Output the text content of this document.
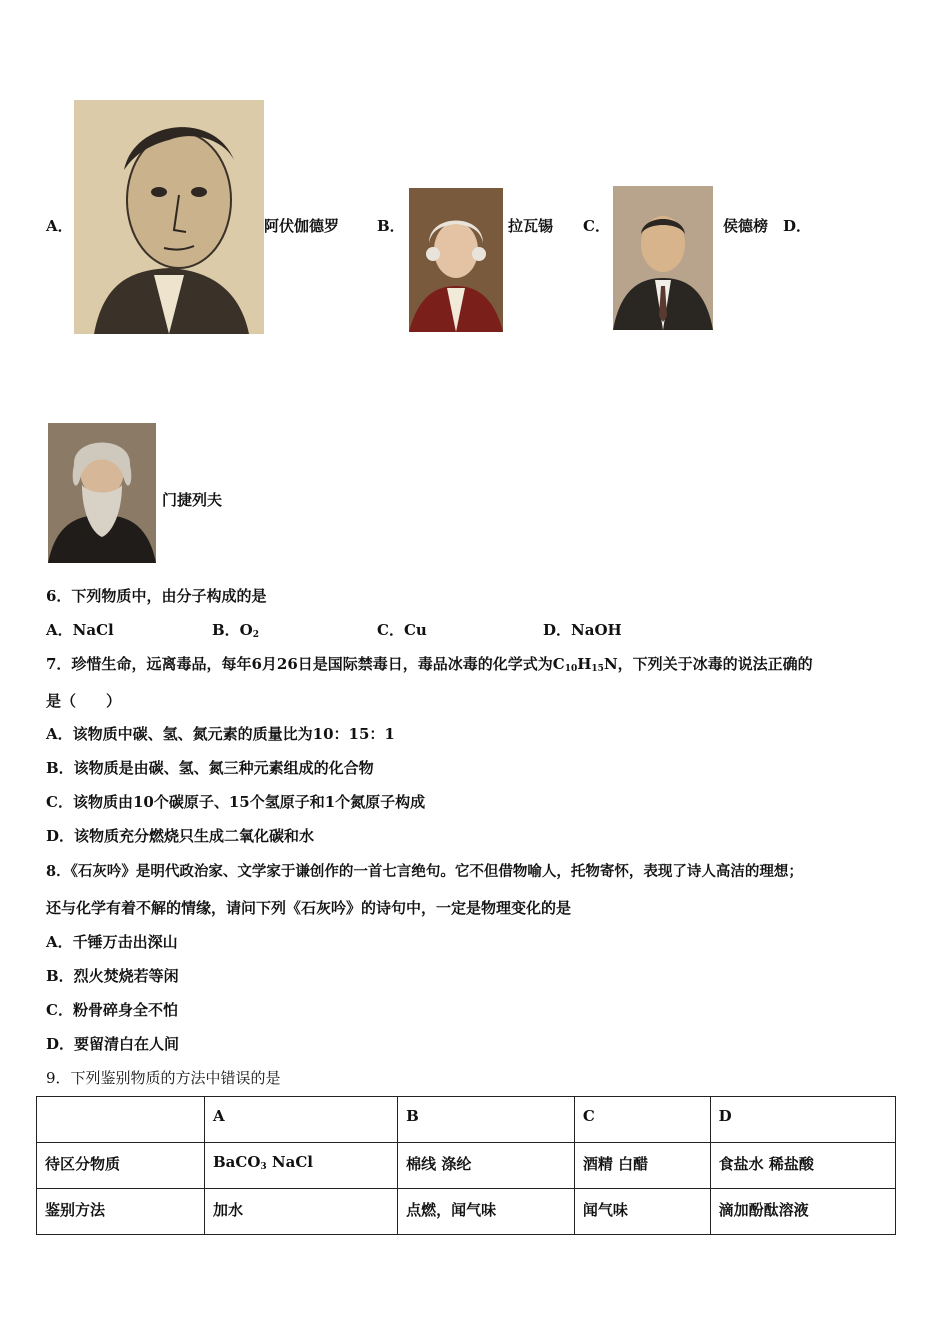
A．	阿伏伽德罗	B．	拉瓦锡 C．	侯德榜 D．
门捷列夫
6．下列物质中，由分子构成的是
A．NaCl	B．$O_2$	C．Cu	D．NaOH
7．珍惜生命，远离毒品，每年6月26日是国际禁毒日，毒品冰毒的化学式为$C_{10}H_{15}N$，下列关于冰毒的说法正确的
是（　　）
A．该物质中碳、氢、氮元素的质量比为10：15：1
B．该物质是由碳、氢、氮三种元素组成的化合物
C．该物质由10个碳原子、15个氢原子和1个氮原子构成
D．该物质充分燃烧只生成二氧化碳和水
8．《石灰吟》是明代政治家、文学家于谦创作的一首七言绝句。它不但借物喻人，托物寄怀，表现了诗人高洁的理想；
还与化学有着不解的情缘，请问下列《石灰吟》的诗句中，一定是物理变化的是
A．千锤万击出深山
B．烈火焚烧若等闲
C．粉骨碎身全不怕
D．要留清白在人间
9．下列鉴别物质的方法中错误的是
	A	B	C	D
待区分物质	BaCO$_3$ NaCl	棉线 涤纶	酒精 白醋	食盐水 稀盐酸
鉴别方法	加水	点燃，闻气味	闻气味	滴加酚酞溶液
